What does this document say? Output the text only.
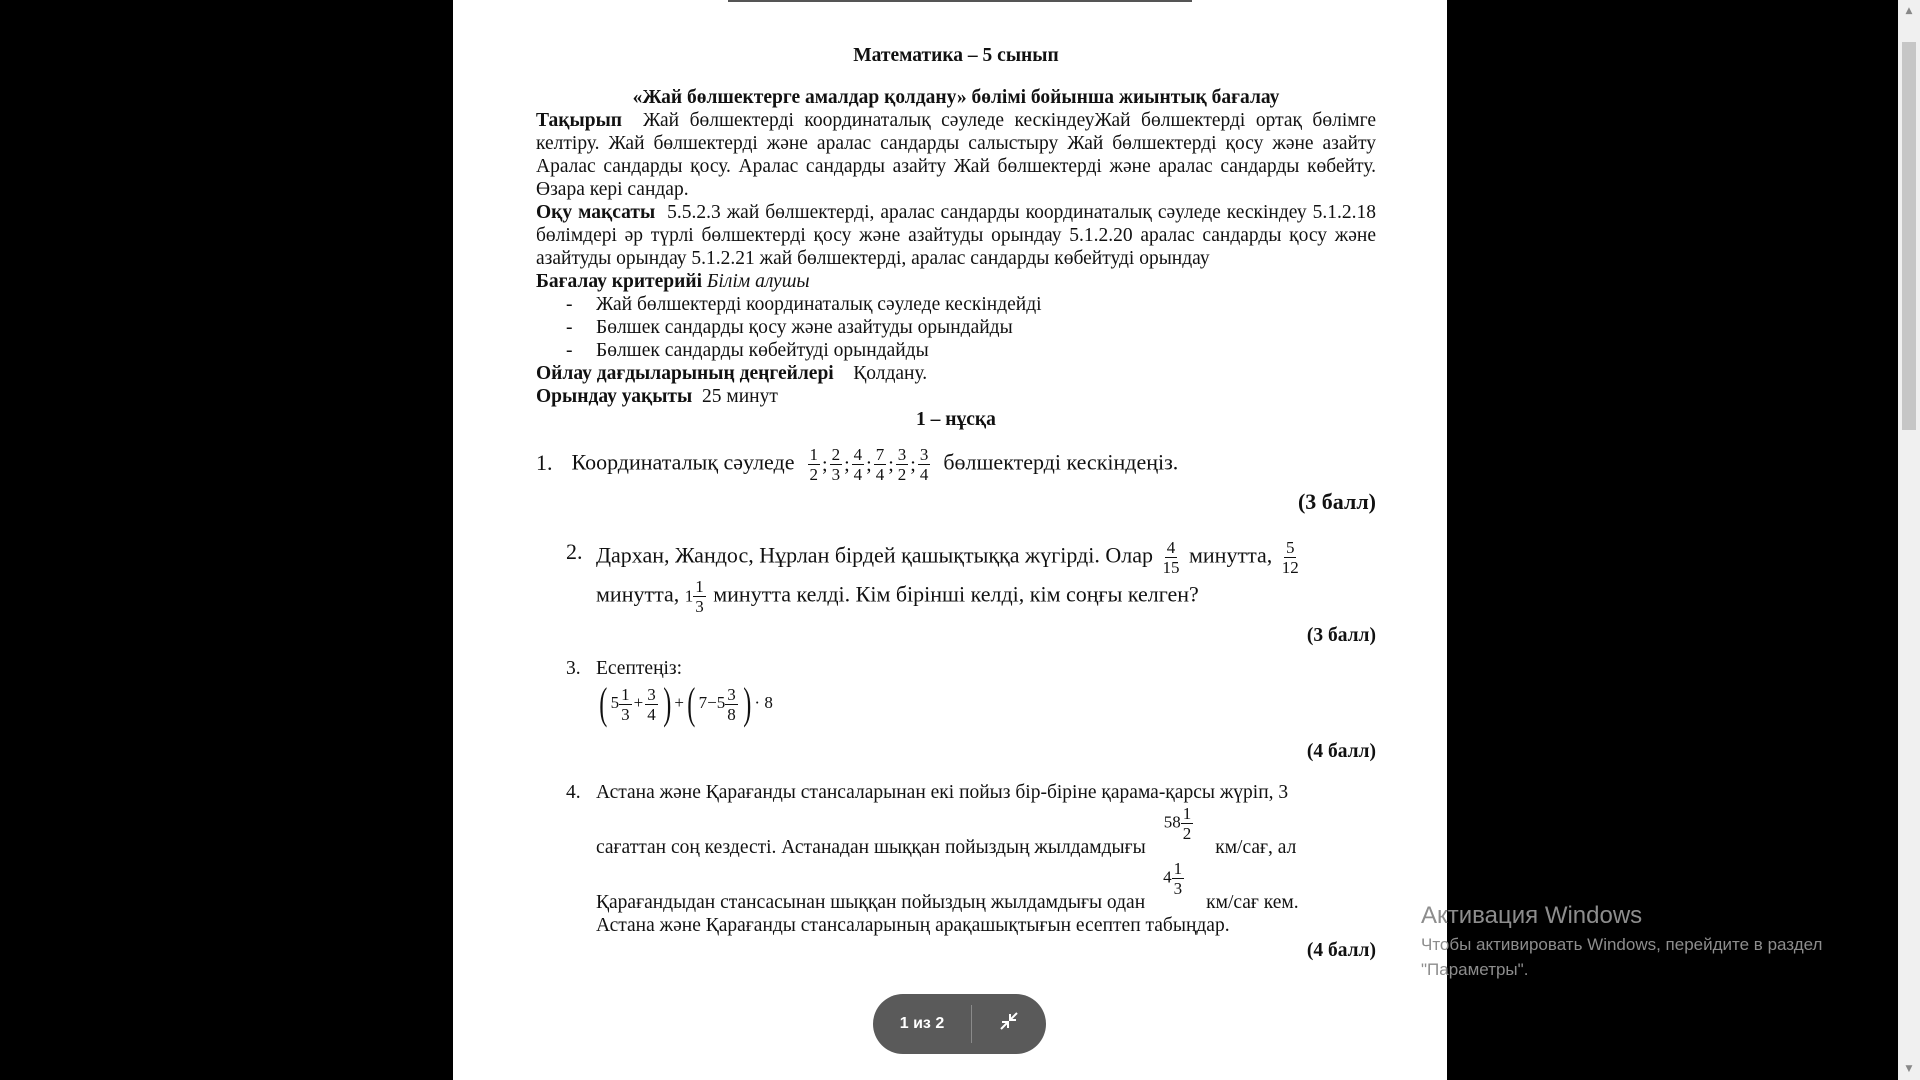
Математика – 5 сынып

«Жай бөлшектерге амалдар қолдану» бөлімі бойынша жиынтық бағалау

Тақырып Жай бөлшектерді координаталық сәуледе кескіндеуЖай бөлшектерді ортақ бөлімге келтіру. Жай бөлшектерді және аралас сандарды салыстыру Жай бөлшектерді қосу және азайту Аралас сандарды қосу. Аралас сандарды азайту Жай бөлшектерді және аралас сандарды көбейту. Өзара кері сандар.

Оқу мақсаты 5.5.2.3 жай бөлшектерді, аралас сандарды координаталық сәуледе кескіндеу 5.1.2.18 бөлімдері әр түрлі бөлшектерді қосу және азайтуды орындау 5.1.2.20 аралас сандарды қосу және азайтуды орындау 5.1.2.21 жай бөлшектерді, аралас сандарды көбейтуді орындау

Бағалау критерийі Білім алушы

-	Жай бөлшектерді координаталық сәуледе кескіндейді
-	Бөлшек сандарды қосу және азайтуды орындайды
-	Бөлшек сандарды көбейтуді орындайды

Ойлау дағдыларының деңгейлері Қолдану.

Орындау уақыты 25 минут

1 – нұсқа

1. Координаталық сәуледе $\frac{1}{2}$ ; $\frac{2}{3}$ ; $\frac{4}{4}$ ; $\frac{7}{4}$ ; $\frac{3}{2}$ ; $\frac{3}{4}$ бөлшектерді кескіндеңіз.
(3 балл)
2. Дархан, Жандос, Нұрлан бірдей қашықтыққа жүгірді. Олар $\frac{4}{15}$ минутта, $\frac{5}{12}$

минутта, $1 \frac{1}{3}$ минутта келді. Кім бірінші келді, кім соңғы келген?
(3 балл)
3. Есептеңіз:
( $5 \frac{1}{3} + \frac{3}{4}$ ) +( $7-5 \frac{3}{8}$ ) · 8
(4 балл)
4. Астана және Қарағанды стансаларынан екі пойыз бір-біріне қарама-қарсы жүріп, 3
сағаттан соң кездесті. Астанадан шыққан пойыздың жылдамдығы
$58 \frac{1}{2}$
км/сағ, ал
Қарағандыдан стансасынан шыққан пойыздың жылдамдығы одан
$4 \frac{1}{3}$
км/сағ кем.
Астана және Қарағанды стансаларының арақашықтығын есептеп табыңдар.
(4 балл)
▲
▼
1 из 2
Активация Windows
Чтобы активировать Windows, перейдите в раздел "Параметры".
